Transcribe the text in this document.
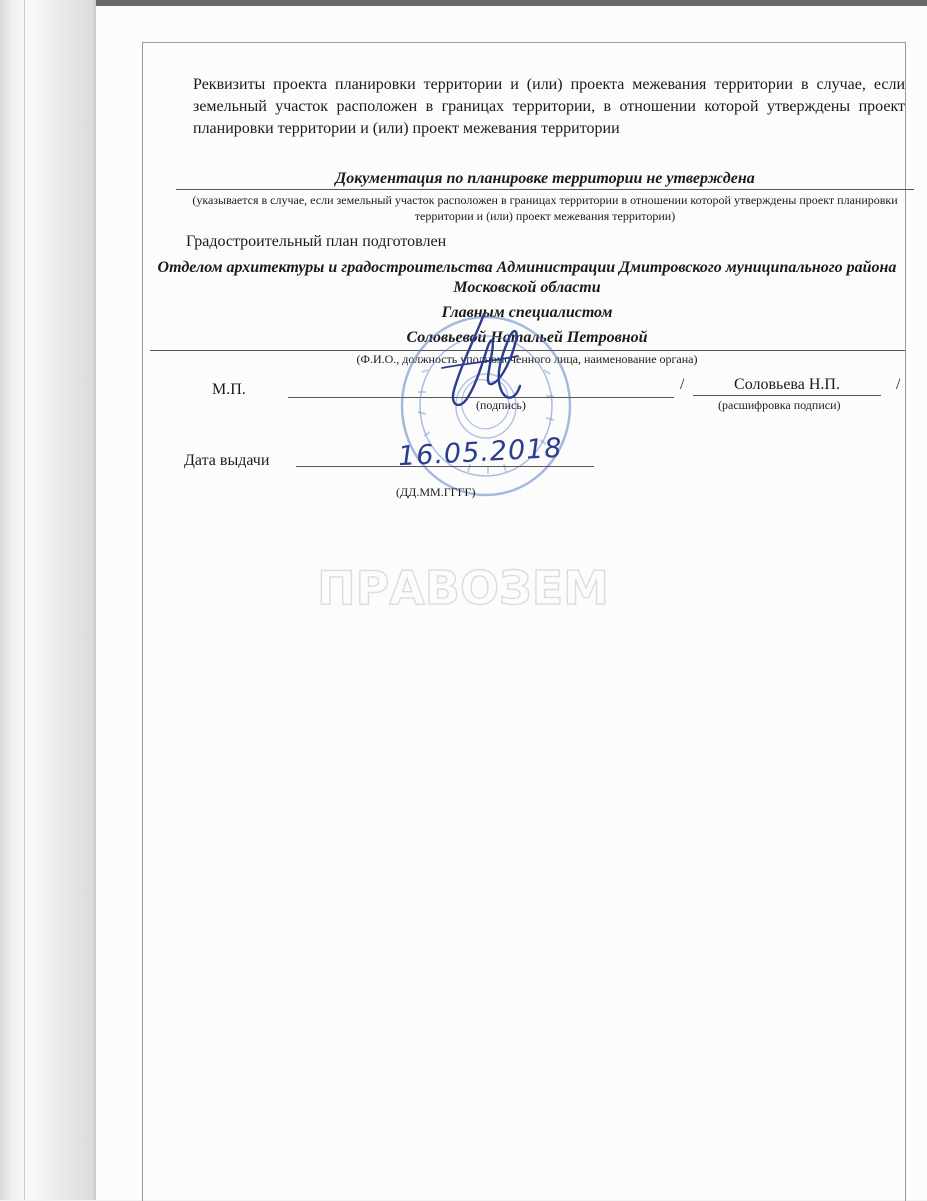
Реквизиты проекта планировки территории и (или) проекта межевания территории в случае, если земельный участок расположен в границах территории, в отношении которой утверждены проект планировки территории и (или) проект межевания территории
Документация по планировке территории не утверждена
(указывается в случае, если земельный участок расположен в границах территории в отношении которой утверждены проект планировки территории и (или) проект межевания территории)
Градостроительный план подготовлен
Отделом архитектуры и градостроительства Администрации Дмитровского муниципального района Московской области
Главным специалистом
Соловьевой Натальей Петровной
(Ф.И.О., должность уполномоченного лица, наименование органа)
М.П.	/	Соловьева Н.П.	/
(подпись)	(расшифровка подписи)
Дата выдачи	16.05.2018
(ДД.ММ.ГГГГ)
ПРАВОЗЕМ
